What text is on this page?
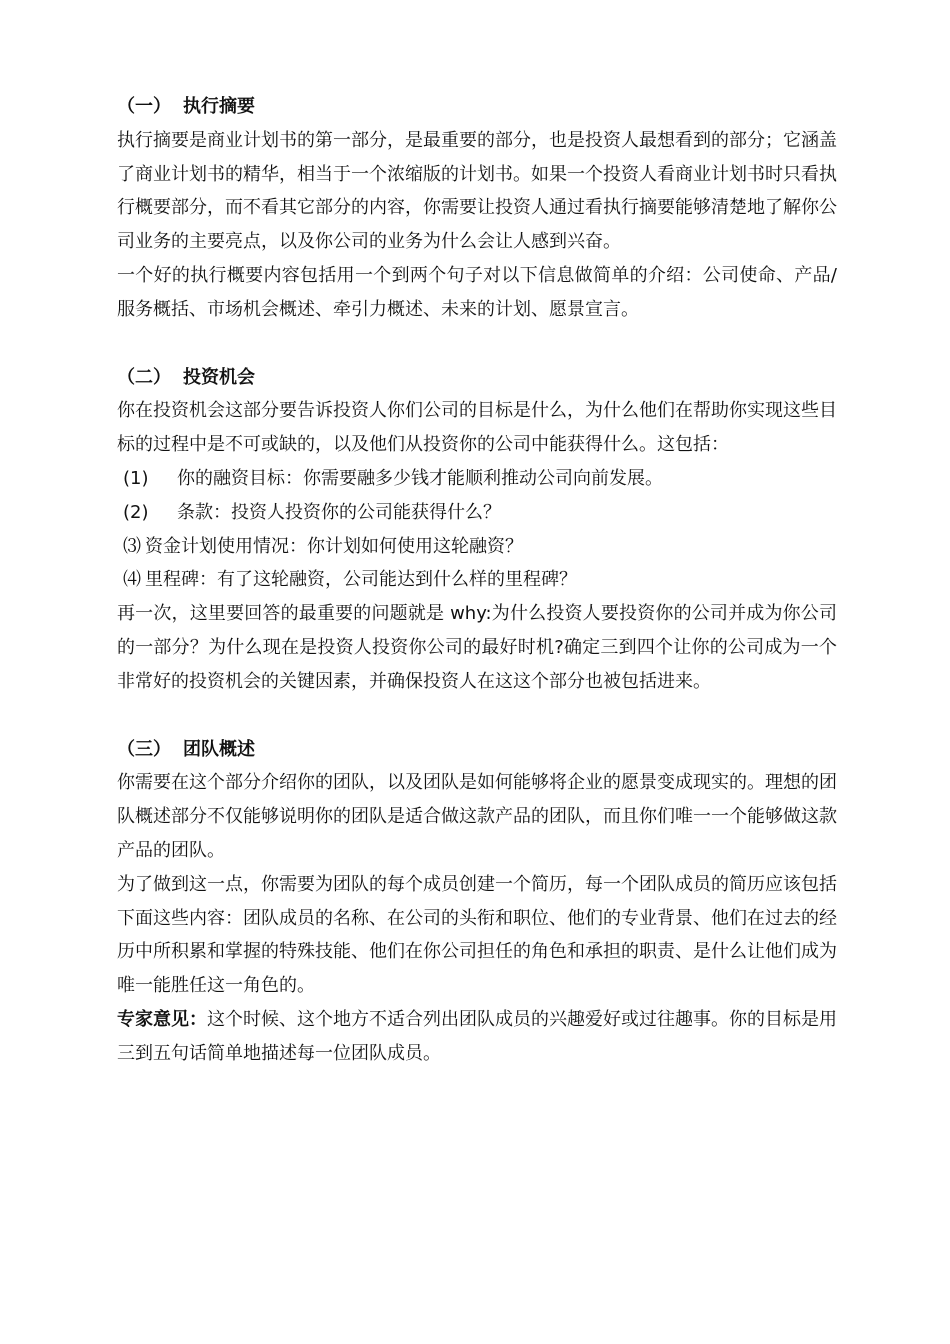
（一） 执行摘要

执行摘要是商业计划书的第一部分，是最重要的部分，也是投资人最想看到的部分；它涵盖了商业计划书的精华，相当于一个浓缩版的计划书。如果一个投资人看商业计划书时只看执行概要部分，而不看其它部分的内容，你需要让投资人通过看执行摘要能够清楚地了解你公司业务的主要亮点，以及你公司的业务为什么会让人感到兴奋。

一个好的执行概要内容包括用一个到两个句子对以下信息做简单的介绍：公司使命、产品/服务概括、市场机会概述、牵引力概述、未来的计划、愿景宣言。

（二） 投资机会

你在投资机会这部分要告诉投资人你们公司的目标是什么，为什么他们在帮助你实现这些目标的过程中是不可或缺的，以及他们从投资你的公司中能获得什么。这包括：

(1) 你的融资目标：你需要融多少钱才能顺利推动公司向前发展。
(2) 条款：投资人投资你的公司能获得什么？
⑶ 资金计划使用情况：你计划如何使用这轮融资？
⑷ 里程碑：有了这轮融资，公司能达到什么样的里程碑？

再一次，这里要回答的最重要的问题就是 why:为什么投资人要投资你的公司并成为你公司的一部分？为什么现在是投资人投资你公司的最好时机?确定三到四个让你的公司成为一个非常好的投资机会的关键因素，并确保投资人在这这个部分也被包括进来。

（三） 团队概述

你需要在这个部分介绍你的团队，以及团队是如何能够将企业的愿景变成现实的。理想的团队概述部分不仅能够说明你的团队是适合做这款产品的团队，而且你们唯一一个能够做这款产品的团队。

为了做到这一点，你需要为团队的每个成员创建一个简历，每一个团队成员的简历应该包括下面这些内容：团队成员的名称、在公司的头衔和职位、他们的专业背景、他们在过去的经历中所积累和掌握的特殊技能、他们在你公司担任的角色和承担的职责、是什么让他们成为唯一能胜任这一角色的。

专家意见：这个时候、这个地方不适合列出团队成员的兴趣爱好或过往趣事。你的目标是用三到五句话简单地描述每一位团队成员。
